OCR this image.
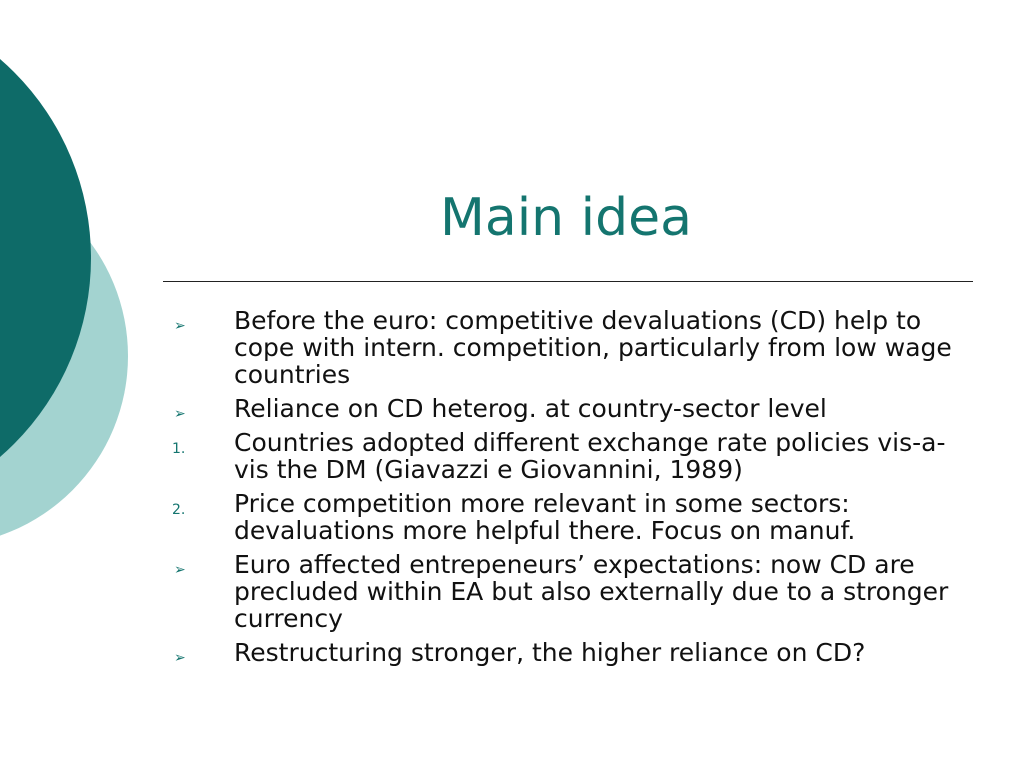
Main idea
➢	Before the euro: competitive devaluations (CD) help to cope with intern. competition, particularly from low wage countries
➢	Reliance on CD heterog. at country-sector level
1.	Countries adopted different exchange rate policies vis-a-vis the DM (Giavazzi e Giovannini, 1989)
2.	Price competition more relevant in some sectors: devaluations more helpful there. Focus on manuf.
➢	Euro affected entrepeneurs’ expectations: now CD are precluded within EA but also externally due to a stronger currency
➢	Restructuring stronger, the higher reliance on CD?
